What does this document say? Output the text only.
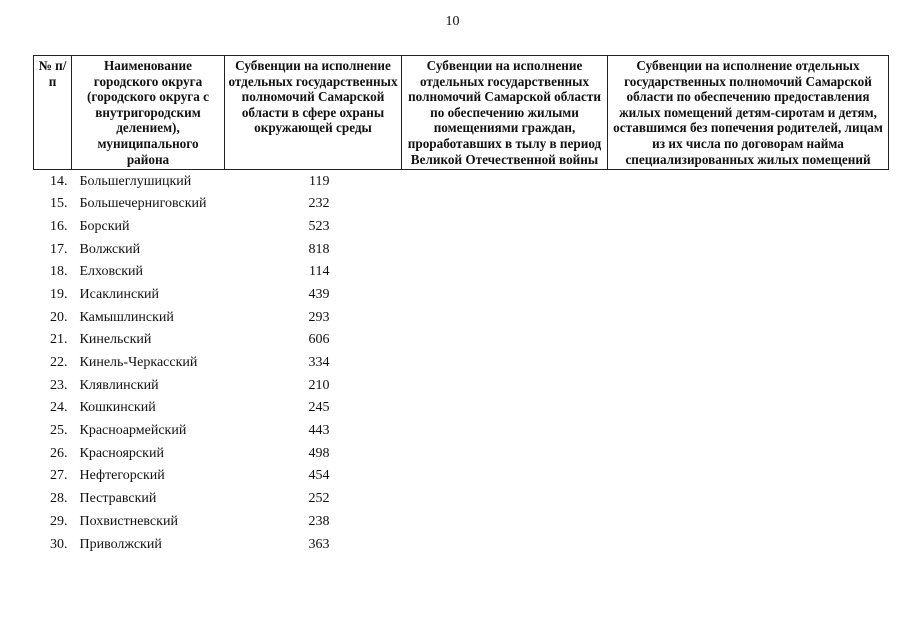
10
№ п/п	Наименование городского округа (городского округа с внутригородским делением), муниципального района	Субвенции на исполнение отдельных государственных полномочий Самарской области в сфере охраны окружающей среды	Субвенции на исполнение отдельных государственных полномочий Самарской области по обеспечению жилыми помещениями граждан, проработавших в тылу в период Великой Отечественной войны	Субвенции на исполнение отдельных государственных полномочий Самарской области по обеспечению предоставления жилых помещений детям-сиротам и детям, оставшимся без попечения родителей, лицам из их числа по договорам найма специализированных жилых помещений
14.	Большеглушицкий	119		
15.	Большечерниговский	232		
16.	Борский	523		
17.	Волжский	818		
18.	Елховский	114		
19.	Исаклинский	439		
20.	Камышлинский	293		
21.	Кинельский	606		
22.	Кинель-Черкасский	334		
23.	Клявлинский	210		
24.	Кошкинский	245		
25.	Красноармейский	443		
26.	Красноярский	498		
27.	Нефтегорский	454		
28.	Пестравский	252		
29.	Похвистневский	238		
30.	Приволжский	363		
